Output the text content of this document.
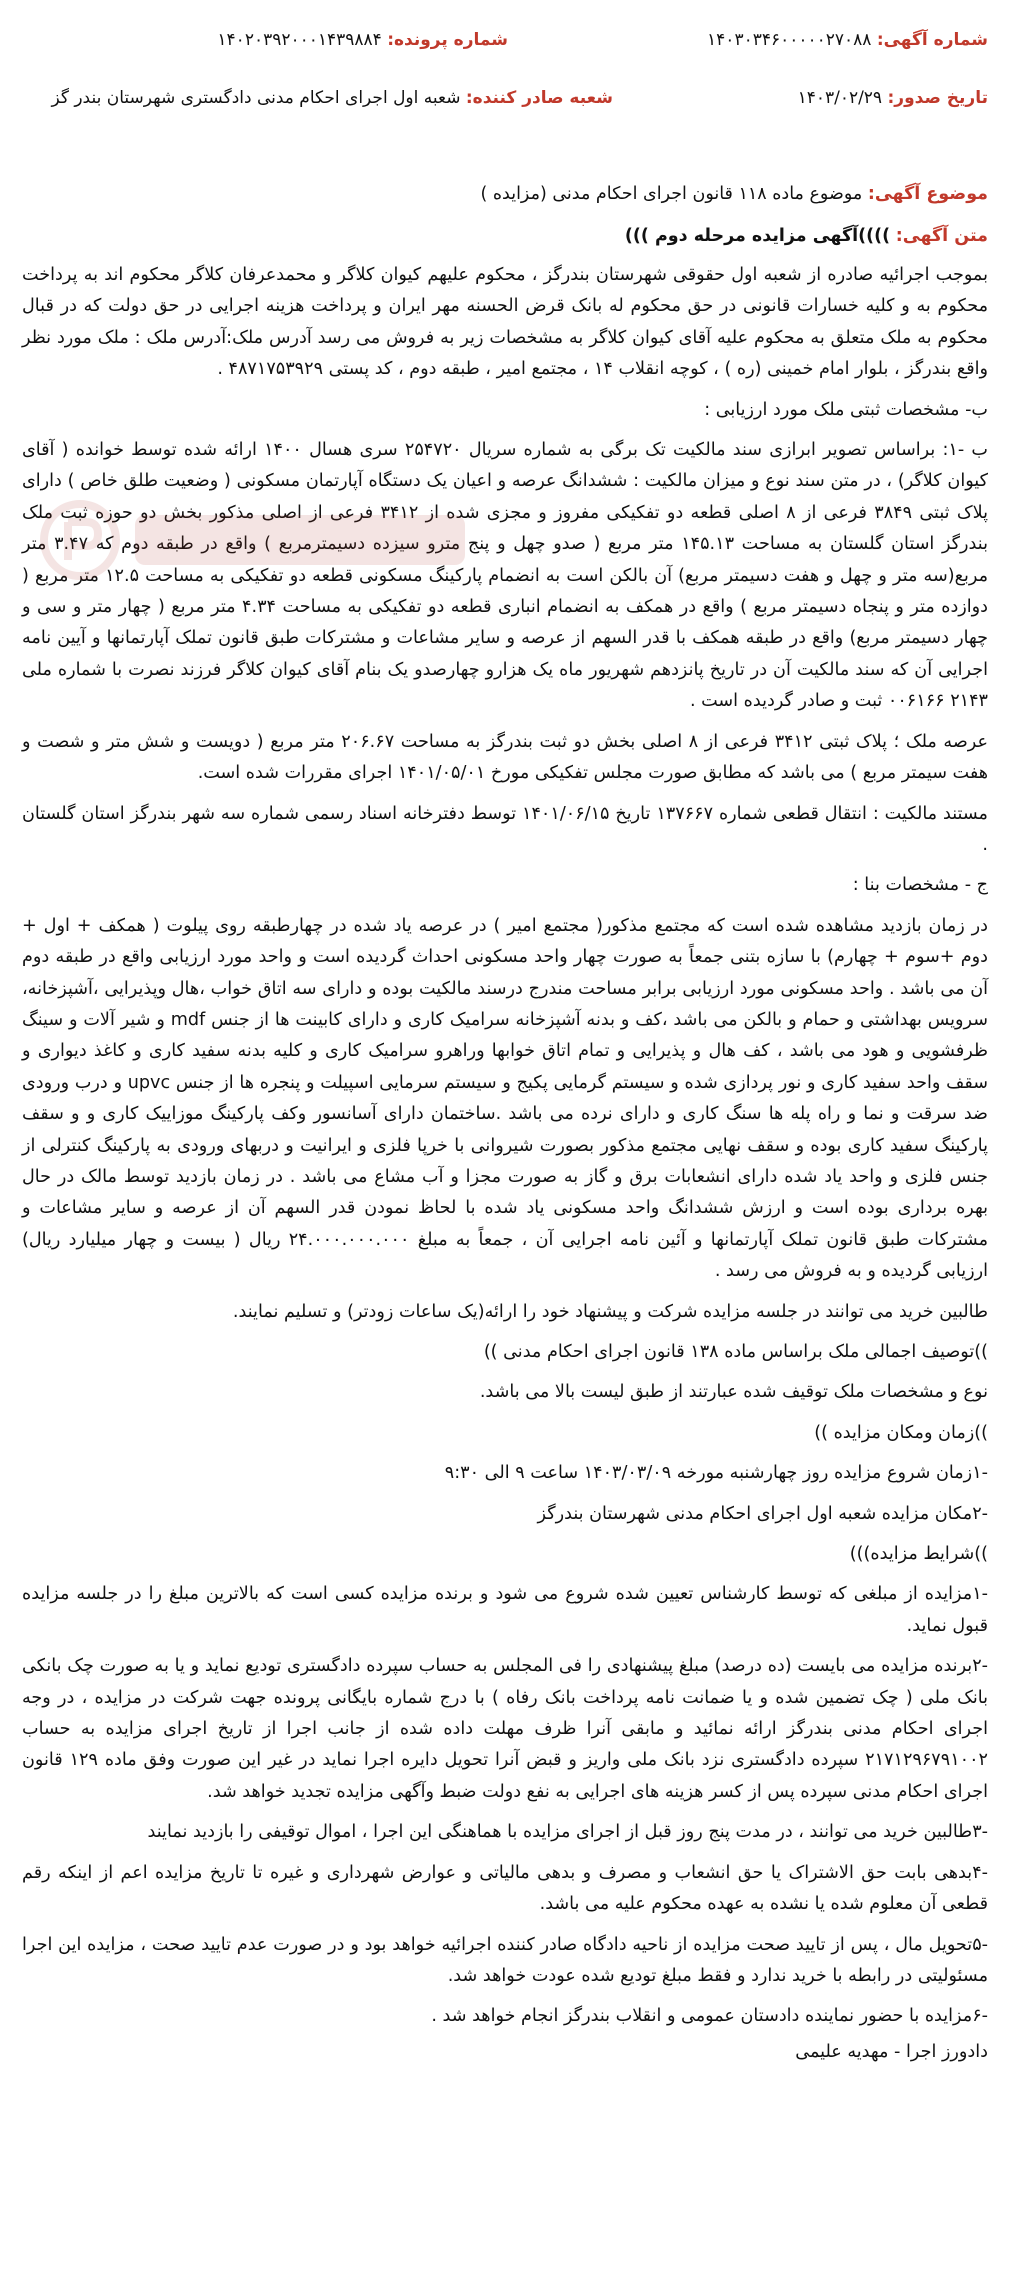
شماره آگهی: ۱۴۰۳۰۳۴۶۰۰۰۰۰۲۷۰۸۸
شماره پرونده: ۱۴۰۲۰۳۹۲۰۰۰۱۴۳۹۸۸۴
تاریخ صدور: ۱۴۰۳/۰۲/۲۹
شعبه صادر کننده: شعبه اول اجرای احکام مدنی دادگستری شهرستان بندر گز
موضوع آگهی: موضوع ماده ۱۱۸ قانون اجرای احکام مدنی (مزایده )
متن آگهی: ))))آگهی مزایده مرحله دوم )))

بموجب اجرائیه صادره از شعبه اول حقوقی شهرستان بندرگز ، محکوم علیهم کیوان کلاگر و محمدعرفان کلاگر محکوم اند به پرداخت محکوم به و کلیه خسارات قانونی در حق محکوم له بانک قرض الحسنه مهر ایران و پرداخت هزینه اجرایی در حق دولت که در قبال محکوم به ملک متعلق به محکوم علیه آقای کیوان کلاگر به مشخصات زیر به فروش می رسد آدرس ملک:آدرس ملک : ملک مورد نظر واقع بندرگز ، بلوار امام خمینی (ره ) ، کوچه انقلاب ۱۴ ، مجتمع امیر ، طبقه دوم ، کد پستی ۴۸۷۱۷۵۳۹۲۹ .

ب- مشخصات ثبتی ملک مورد ارزیابی :

ب -۱: براساس تصویر ابرازی سند مالکیت تک برگی به شماره سریال ۲۵۴۷۲۰ سری هسال ۱۴۰۰ ارائه شده توسط خوانده ( آقای کیوان کلاگر) ، در متن سند نوع و میزان مالکیت : ششدانگ عرصه و اعیان یک دستگاه آپارتمان مسکونی ( وضعیت طلق خاص ) دارای پلاک ثبتی ۳۸۴۹ فرعی از ۸ اصلی قطعه دو تفکیکی مفروز و مجزی شده از ۳۴۱۲ فرعی از اصلی مذکور بخش دو حوزه ثبت ملک بندرگز استان گلستان به مساحت ۱۴۵.۱۳ متر مربع ( صدو چهل و پنج مترو سیزده دسیمترمربع ) واقع در طبقه دوم که ۳.۴۷ متر مربع(سه متر و چهل و هفت دسیمتر مربع) آن بالکن است به انضمام پارکینگ مسکونی قطعه دو تفکیکی به مساحت ۱۲.۵ متر مربع ( دوازده متر و پنجاه دسیمتر مربع ) واقع در همکف به انضمام انباری قطعه دو تفکیکی به مساحت ۴.۳۴ متر مربع ( چهار متر و سی و چهار دسیمتر مربع) واقع در طبقه همکف با قدر السهم از عرصه و سایر مشاعات و مشترکات طبق قانون تملک آپارتمانها و آیین نامه اجرایی آن که سند مالکیت آن در تاریخ پانزدهم شهریور ماه یک هزارو چهارصدو یک بنام آقای کیوان کلاگر فرزند نصرت با شماره ملی ۲۱۴۳ ۰۰۶۱۶۶ ثبت و صادر گردیده است .

عرصه ملک ؛ پلاک ثبتی ۳۴۱۲ فرعی از ۸ اصلی بخش دو ثبت بندرگز به مساحت ۲۰۶.۶۷ متر مربع ( دویست و شش متر و شصت و هفت سیمتر مربع ) می باشد که مطابق صورت مجلس تفکیکی مورخ ۱۴۰۱/۰۵/۰۱ اجرای مقررات شده است.

مستند مالکیت : انتقال قطعی شماره ۱۳۷۶۶۷ تاریخ ۱۴۰۱/۰۶/۱۵ توسط دفترخانه اسناد رسمی شماره سه شهر بندرگز استان گلستان .

ج - مشخصات بنا :

در زمان بازدید مشاهده شده است که مجتمع مذکور( مجتمع امیر ) در عرصه یاد شده در چهارطبقه روی پیلوت ( همکف + اول + دوم +سوم + چهارم) با سازه بتنی جمعاً به صورت چهار واحد مسکونی احداث گردیده است و واحد مورد ارزیابی واقع در طبقه دوم آن می باشد . واحد مسکونی مورد ارزیابی برابر مساحت مندرج درسند مالکیت بوده و دارای سه اتاق خواب ،هال وپذیرایی ،آشپزخانه، سرویس بهداشتی و حمام و بالکن می باشد ،کف و بدنه آشپزخانه سرامیک کاری و دارای کابینت ها از جنس mdf و شیر آلات و سینگ ظرفشویی و هود می باشد ، کف هال و پذیرایی و تمام اتاق خوابها وراهرو سرامیک کاری و کلیه بدنه سفید کاری و کاغذ دیواری و سقف واحد سفید کاری و نور پردازی شده و سیستم گرمایی پکیج و سیستم سرمایی اسپیلت و پنجره ها از جنس upvc و درب ورودی ضد سرقت و نما و راه پله ها سنگ کاری و دارای نرده می باشد .ساختمان دارای آسانسور وکف پارکینگ موزاییک کاری و و سقف پارکینگ سفید کاری بوده و سقف نهایی مجتمع مذکور بصورت شیروانی با خرپا فلزی و ایرانیت و دربهای ورودی به پارکینگ کنترلی از جنس فلزی و واحد یاد شده دارای انشعابات برق و گاز به صورت مجزا و آب مشاع می باشد . در زمان بازدید توسط مالک در حال بهره برداری بوده است و ارزش ششدانگ واحد مسکونی یاد شده با لحاظ نمودن قدر السهم آن از عرصه و سایر مشاعات و مشترکات طبق قانون تملک آپارتمانها و آئین نامه اجرایی آن ، جمعاً به مبلغ ۲۴.۰۰۰.۰۰۰.۰۰۰ ریال ( بیست و چهار میلیارد ریال) ارزیابی گردیده و به فروش می رسد .

طالبین خرید می توانند در جلسه مزایده شرکت و پیشنهاد خود را ارائه(یک ساعات زودتر) و تسلیم نمایند.

))توصیف اجمالی ملک براساس ماده ۱۳۸ قانون اجرای احکام مدنی ))

نوع و مشخصات ملک توقیف شده عبارتند از طبق لیست بالا می باشد.

))زمان ومکان مزایده ))

-۱زمان شروع مزایده روز چهارشنبه مورخه ۱۴۰۳/۰۳/۰۹ ساعت ۹ الی ۹:۳۰

-۲مکان مزایده شعبه اول اجرای احکام مدنی شهرستان بندرگز

))شرایط مزایده)))

-۱مزایده از مبلغی که توسط کارشناس تعیین شده شروع می شود و برنده مزایده کسی است که بالاترین مبلغ را در جلسه مزایده قبول نماید.

-۲برنده مزایده می بایست (ده درصد) مبلغ پیشنهادی را فی المجلس به حساب سپرده دادگستری تودیع نماید و یا به صورت چک بانکی بانک ملی ( چک تضمین شده و یا ضمانت نامه پرداخت بانک رفاه ) با درج شماره بایگانی پرونده جهت شرکت در مزایده ، در وجه اجرای احکام مدنی بندرگز ارائه نمائید و مابقی آنرا ظرف مهلت داده شده از جانب اجرا از تاریخ اجرای مزایده به حساب ۲۱۷۱۲۹۶۷۹۱۰۰۲ سپرده دادگستری نزد بانک ملی واریز و قبض آنرا تحویل دایره اجرا نماید در غیر این صورت وفق ماده ۱۲۹ قانون اجرای احکام مدنی سپرده پس از کسر هزینه های اجرایی به نفع دولت ضبط وآگهی مزایده تجدید خواهد شد.

-۳طالبین خرید می توانند ، در مدت پنج روز قبل از اجرای مزایده با هماهنگی این اجرا ، اموال توقیفی را بازدید نمایند

-۴بدهی بابت حق الاشتراک یا حق انشعاب و مصرف و بدهی مالیاتی و عوارض شهرداری و غیره تا تاریخ مزایده اعم از اینکه رقم قطعی آن معلوم شده یا نشده به عهده محکوم علیه می باشد.

-۵تحویل مال ، پس از تایید صحت مزایده از ناحیه دادگاه صادر کننده اجرائیه خواهد بود و در صورت عدم تایید صحت ، مزایده این اجرا مسئولیتی در رابطه با خرید ندارد و فقط مبلغ تودیع شده عودت خواهد شد.

-۶مزایده با حضور نماینده دادستان عمومی و انقلاب بندرگز انجام خواهد شد .

دادورز اجرا - مهدیه علیمی
